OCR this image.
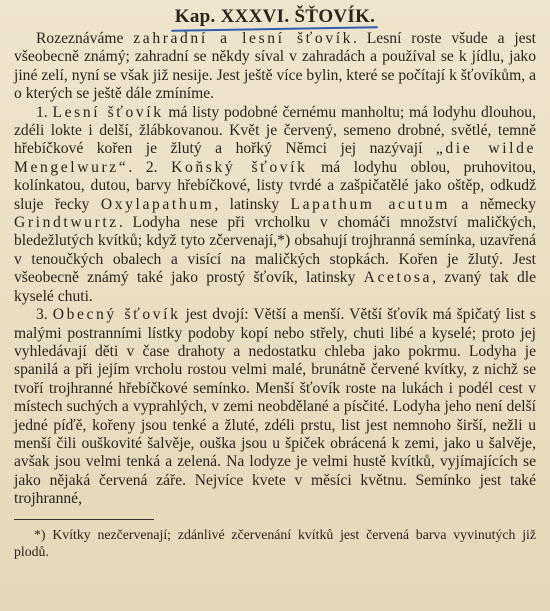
Kap. XXXVI. ŠŤOVÍK.

Rozeznáváme zahradní a lesní šťovík. Lesní roste všude a jest všeobecně známý; zahradní se někdy síval v zahradách a používal se k jídlu, jako jiné zelí, nyní se však již nesije. Jest ještě více bylin, které se počítají k šťovíkům, a o kterých se ještě dále zmíníme.

1. Lesní šťovík má listy podobné černému manholtu; má lodyhu dlouhou, zdéli lokte i delší, žlábkovanou. Květ je červený, semeno drobné, světlé, temně hřebíčkové kořen je žlutý a hořký Němci jej nazývají „die wilde Mengelwurz“. 2. Koňský šťovík má lodyhu oblou, pruhovitou, kolínkatou, dutou, barvy hřebíčkové, listy tvrdé a zašpičatělé jako oštěp, odkudž sluje řecky Oxylapathum, latinsky Lapathum acutum a německy Grindtwurtz. Lodyha nese při vrcholku v chomáči množství maličkých, bledežlutých kvítků; když tyto zčervenají,*) obsahují trojhranná semínka, uzavřená v tenoučkých obalech a visící na maličkých stopkách. Kořen je žlutý. Jest všeobecně známý také jako prostý šťovík, latinsky Acetosa, zvaný tak dle kyselé chuti.

3. Obecný šťovík jest dvojí: Větší a menší. Větší šťovík má špičatý list s malými postranními lístky podoby kopí nebo střely, chuti libé a kyselé; proto jej vyhledávají děti v čase drahoty a nedostatku chleba jako pokrmu. Lodyha je spanilá a při jejím vrcholu rostou velmi malé, brunátně červené kvítky, z nichž se tvoří trojhranné hřebíčkové semínko. Menší šťovík roste na lukách i podél cest v místech suchých a vyprahlých, v zemi neobdělané a písčité. Lodyha jeho není delší jedné píďě, kořeny jsou tenké a žluté, zdéli prstu, list jest nemnoho širší, nežli u menší čili ouškovité šalvěje, ouška jsou u špiček obrácená k zemi, jako u šalvěje, avšak jsou velmi tenká a zelená. Na lodyze je velmi hustě kvítků, vyjímajících se jako nějaká červená záře. Nejvíce kvete v měsíci květnu. Semínko jest také trojhranné,

*) Kvítky nezčervenají; zdánlivé zčervenání kvítků jest červená barva vyvinutých již plodů.
